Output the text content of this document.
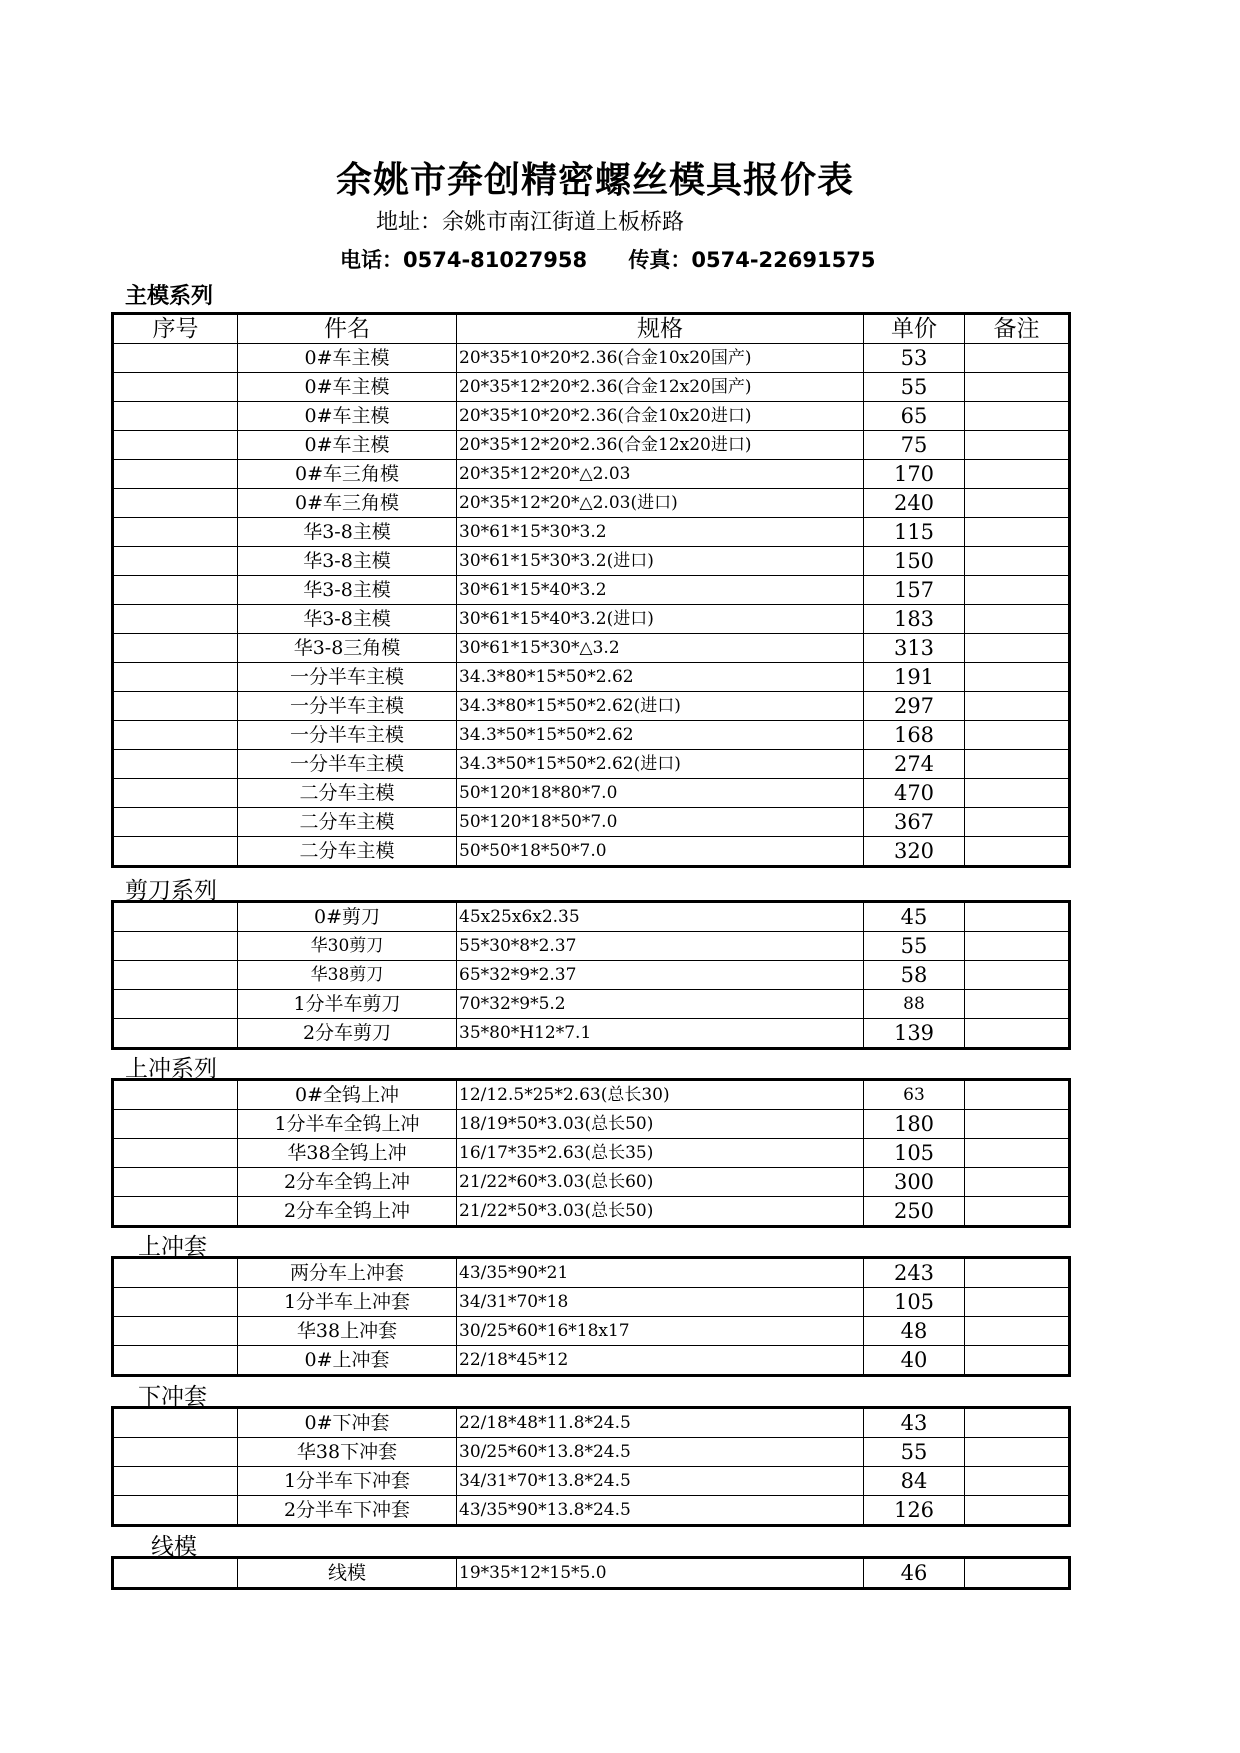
余姚市奔创精密螺丝模具报价表
地址：余姚市南江街道上板桥路
电话：0574-81027958 传真：0574-22691575
主模系列
序号	件名	规格	单价	备注
	0#车主模	20*35*10*20*2.36(合金10x20国产)	53	
	0#车主模	20*35*12*20*2.36(合金12x20国产)	55	
	0#车主模	20*35*10*20*2.36(合金10x20进口)	65	
	0#车主模	20*35*12*20*2.36(合金12x20进口)	75	
	0#车三角模	20*35*12*20*△2.03	170	
	0#车三角模	20*35*12*20*△2.03(进口)	240	
	华3-8主模	30*61*15*30*3.2	115	
	华3-8主模	30*61*15*30*3.2(进口)	150	
	华3-8主模	30*61*15*40*3.2	157	
	华3-8主模	30*61*15*40*3.2(进口)	183	
	华3-8三角模	30*61*15*30*△3.2	313	
	一分半车主模	34.3*80*15*50*2.62	191	
	一分半车主模	34.3*80*15*50*2.62(进口)	297	
	一分半车主模	34.3*50*15*50*2.62	168	
	一分半车主模	34.3*50*15*50*2.62(进口)	274	
	二分车主模	50*120*18*80*7.0	470	
	二分车主模	50*120*18*50*7.0	367	
	二分车主模	50*50*18*50*7.0	320	
剪刀系列
	0#剪刀	45x25x6x2.35	45	
	华30剪刀	55*30*8*2.37	55	
	华38剪刀	65*32*9*2.37	58	
	1分半车剪刀	70*32*9*5.2	88	
	2分车剪刀	35*80*H12*7.1	139	
上冲系列
	0#全钨上冲	12/12.5*25*2.63(总长30)	63	
	1分半车全钨上冲	18/19*50*3.03(总长50)	180	
	华38全钨上冲	16/17*35*2.63(总长35)	105	
	2分车全钨上冲	21/22*60*3.03(总长60)	300	
	2分车全钨上冲	21/22*50*3.03(总长50)	250	
上冲套
	两分车上冲套	43/35*90*21	243	
	1分半车上冲套	34/31*70*18	105	
	华38上冲套	30/25*60*16*18x17	48	
	0#上冲套	22/18*45*12	40	
下冲套
	0#下冲套	22/18*48*11.8*24.5	43	
	华38下冲套	30/25*60*13.8*24.5	55	
	1分半车下冲套	34/31*70*13.8*24.5	84	
	2分半车下冲套	43/35*90*13.8*24.5	126	
线模
	线模	19*35*12*15*5.0	46	
